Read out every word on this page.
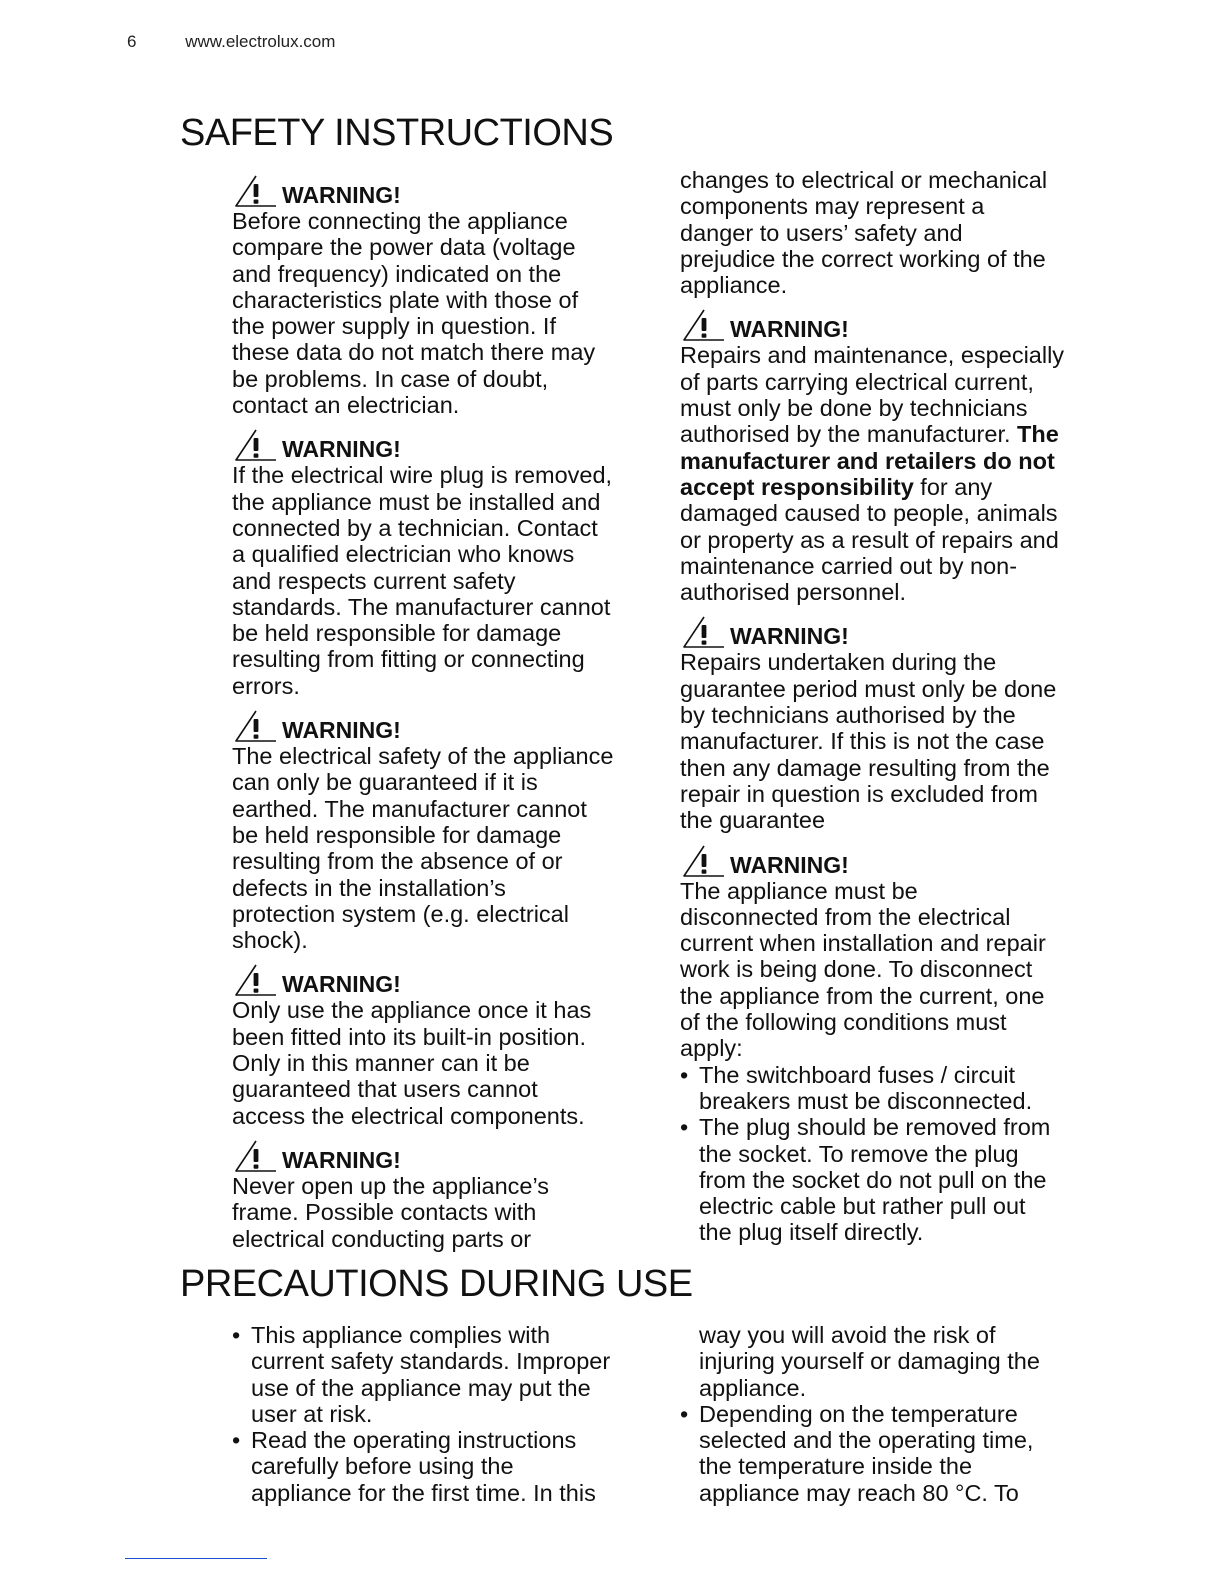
6	www.electrolux.com
SAFETY INSTRUCTIONS
WARNING!
Before connecting the appliance
compare the power data (voltage
and frequency) indicated on the
characteristics plate with those of
the power supply in question. If
these data do not match there may
be problems. In case of doubt,
contact an electrician.
WARNING!
If the electrical wire plug is removed,
the appliance must be installed and
connected by a technician. Contact
a qualified electrician who knows
and respects current safety
standards. The manufacturer cannot
be held responsible for damage
resulting from fitting or connecting
errors.
WARNING!
The electrical safety of the appliance
can only be guaranteed if it is
earthed. The manufacturer cannot
be held responsible for damage
resulting from the absence of or
defects in the installation’s
protection system (e.g. electrical
shock).
WARNING!
Only use the appliance once it has
been fitted into its built-in position.
Only in this manner can it be
guaranteed that users cannot
access the electrical components.
WARNING!
Never open up the appliance’s
frame. Possible contacts with
electrical conducting parts or
changes to electrical or mechanical
components may represent a
danger to users’ safety and
prejudice the correct working of the
appliance.
WARNING!
Repairs and maintenance, especially
of parts carrying electrical current,
must only be done by technicians
authorised by the manufacturer. The
manufacturer and retailers do not
accept responsibility for any
damaged caused to people, animals
or property as a result of repairs and
maintenance carried out by non-
authorised personnel.
WARNING!
Repairs undertaken during the
guarantee period must only be done
by technicians authorised by the
manufacturer. If this is not the case
then any damage resulting from the
repair in question is excluded from
the guarantee
WARNING!
The appliance must be
disconnected from the electrical
current when installation and repair
work is being done. To disconnect
the appliance from the current, one
of the following conditions must
apply:
• The switchboard fuses / circuit
breakers must be disconnected.
• The plug should be removed from
the socket. To remove the plug
from the socket do not pull on the
electric cable but rather pull out
the plug itself directly.
PRECAUTIONS DURING USE
• This appliance complies with
current safety standards. Improper
use of the appliance may put the
user at risk.
• Read the operating instructions
carefully before using the
appliance for the first time. In this
way you will avoid the risk of
injuring yourself or damaging the
appliance.
• Depending on the temperature
selected and the operating time,
the temperature inside the
appliance may reach 80 °C. To
